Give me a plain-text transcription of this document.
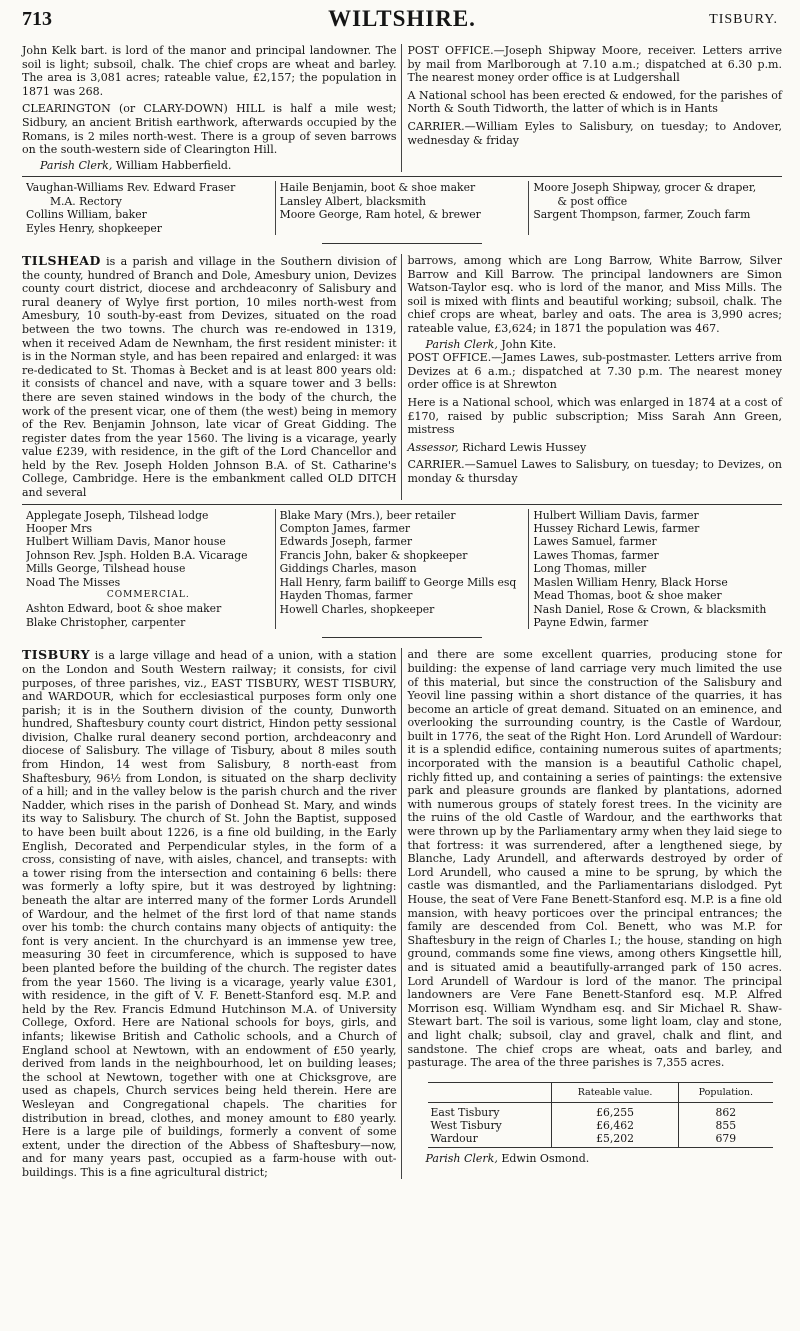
713	WILTSHIRE.	TISBURY.

John Kelk bart. is lord of the manor and principal landowner. The soil is light; subsoil, chalk. The chief crops are wheat and barley. The area is 3,081 acres; rateable value, £2,157; the population in 1871 was 268.

CLEARINGTON (or CLARY-DOWN) HILL is half a mile west; Sidbury, an ancient British earthwork, afterwards occupied by the Romans, is 2 miles north-west. There is a group of seven barrows on the south-western side of Clearington Hill.

Parish Clerk, William Habberfield.

POST OFFICE.—Joseph Shipway Moore, receiver. Letters arrive by mail from Marlborough at 7.10 a.m.; dispatched at 6.30 p.m. The nearest money order office is at Ludgershall

A National school has been erected & endowed, for the parishes of North & South Tidworth, the latter of which is in Hants

CARRIER.—William Eyles to Salisbury, on tuesday; to Andover, wednesday & friday

Vaughan-Williams Rev. Edward Fraser
M.A. Rectory
Collins William, baker
Eyles Henry, shopkeeper
Haile Benjamin, boot & shoe maker
Lansley Albert, blacksmith
Moore George, Ram hotel, & brewer
Moore Joseph Shipway, grocer & draper,
& post office
Sargent Thompson, farmer, Zouch farm

TILSHEAD is a parish and village in the Southern division of the county, hundred of Branch and Dole, Amesbury union, Devizes county court district, diocese and archdeaconry of Salisbury and rural deanery of Wylye first portion, 10 miles north-west from Amesbury, 10 south-by-east from Devizes, situated on the road between the two towns. The church was re-endowed in 1319, when it received Adam de Newnham, the first resident minister: it is in the Norman style, and has been repaired and enlarged: it was re-dedicated to St. Thomas à Becket and is at least 800 years old: it consists of chancel and nave, with a square tower and 3 bells: there are seven stained windows in the body of the church, the work of the present vicar, one of them (the west) being in memory of the Rev. Benjamin Johnson, late vicar of Great Gidding. The register dates from the year 1560. The living is a vicarage, yearly value £239, with residence, in the gift of the Lord Chancellor and held by the Rev. Joseph Holden Johnson B.A. of St. Catharine's College, Cambridge. Here is the embankment called OLD DITCH and several

barrows, among which are Long Barrow, White Barrow, Silver Barrow and Kill Barrow. The principal landowners are Simon Watson-Taylor esq. who is lord of the manor, and Miss Mills. The soil is mixed with flints and beautiful working; subsoil, chalk. The chief crops are wheat, barley and oats. The area is 3,990 acres; rateable value, £3,624; in 1871 the population was 467.

Parish Clerk, John Kite.

POST OFFICE.—James Lawes, sub-postmaster. Letters arrive from Devizes at 6 a.m.; dispatched at 7.30 p.m. The nearest money order office is at Shrewton

Here is a National school, which was enlarged in 1874 at a cost of £170, raised by public subscription; Miss Sarah Ann Green, mistress

Assessor, Richard Lewis Hussey

CARRIER.—Samuel Lawes to Salisbury, on tuesday; to Devizes, on monday & thursday

Applegate Joseph, Tilshead lodge
Hooper Mrs
Hulbert William Davis, Manor house
Johnson Rev. Jsph. Holden B.A. Vicarage
Mills George, Tilshead house
Noad The Misses
COMMERCIAL.
Ashton Edward, boot & shoe maker
Blake Christopher, carpenter
Blake Mary (Mrs.), beer retailer
Compton James, farmer
Edwards Joseph, farmer
Francis John, baker & shopkeeper
Giddings Charles, mason
Hall Henry, farm bailiff to George Mills esq
Hayden Thomas, farmer
Howell Charles, shopkeeper
Hulbert William Davis, farmer
Hussey Richard Lewis, farmer
Lawes Samuel, farmer
Lawes Thomas, farmer
Long Thomas, miller
Maslen William Henry, Black Horse
Mead Thomas, boot & shoe maker
Nash Daniel, Rose & Crown, & blacksmith
Payne Edwin, farmer

TISBURY is a large village and head of a union, with a station on the London and South Western railway; it consists, for civil purposes, of three parishes, viz., EAST TISBURY, WEST TISBURY, and WARDOUR, which for ecclesiastical purposes form only one parish; it is in the Southern division of the county, Dunworth hundred, Shaftesbury county court district, Hindon petty sessional division, Chalke rural deanery second portion, archdeaconry and diocese of Salisbury. The village of Tisbury, about 8 miles south from Hindon, 14 west from Salisbury, 8 north-east from Shaftesbury, 96½ from London, is situated on the sharp declivity of a hill; and in the valley below is the parish church and the river Nadder, which rises in the parish of Donhead St. Mary, and winds its way to Salisbury. The church of St. John the Baptist, supposed to have been built about 1226, is a fine old building, in the Early English, Decorated and Perpendicular styles, in the form of a cross, consisting of nave, with aisles, chancel, and transepts: with a tower rising from the intersection and containing 6 bells: there was formerly a lofty spire, but it was destroyed by lightning: beneath the altar are interred many of the former Lords Arundell of Wardour, and the helmet of the first lord of that name stands over his tomb: the church contains many objects of antiquity: the font is very ancient. In the churchyard is an immense yew tree, measuring 30 feet in circumference, which is supposed to have been planted before the building of the church. The register dates from the year 1560. The living is a vicarage, yearly value £301, with residence, in the gift of V. F. Benett-Stanford esq. M.P. and held by the Rev. Francis Edmund Hutchinson M.A. of University College, Oxford. Here are National schools for boys, girls, and infants; likewise British and Catholic schools, and a Church of England school at Newtown, with an endowment of £50 yearly, derived from lands in the neighbourhood, let on building leases; the school at Newtown, together with one at Chicksgrove, are used as chapels, Church services being held therein. Here are Wesleyan and Congregational chapels. The charities for distribution in bread, clothes, and money amount to £80 yearly. Here is a large pile of buildings, formerly a convent of some extent, under the direction of the Abbess of Shaftesbury—now, and for many years past, occupied as a farm-house with out-buildings. This is a fine agricultural district;

and there are some excellent quarries, producing stone for building: the expense of land carriage very much limited the use of this material, but since the construction of the Salisbury and Yeovil line passing within a short distance of the quarries, it has become an article of great demand. Situated on an eminence, and overlooking the surrounding country, is the Castle of Wardour, built in 1776, the seat of the Right Hon. Lord Arundell of Wardour: it is a splendid edifice, containing numerous suites of apartments; incorporated with the mansion is a beautiful Catholic chapel, richly fitted up, and containing a series of paintings: the extensive park and pleasure grounds are flanked by plantations, adorned with numerous groups of stately forest trees. In the vicinity are the ruins of the old Castle of Wardour, and the earthworks that were thrown up by the Parliamentary army when they laid siege to that fortress: it was surrendered, after a lengthened siege, by Blanche, Lady Arundell, and afterwards destroyed by order of Lord Arundell, who caused a mine to be sprung, by which the castle was dismantled, and the Parliamentarians dislodged. Pyt House, the seat of Vere Fane Benett-Stanford esq. M.P. is a fine old mansion, with heavy porticoes over the principal entrances; the family are descended from Col. Benett, who was M.P. for Shaftesbury in the reign of Charles I.; the house, standing on high ground, commands some fine views, among others Kingsettle hill, and is situated amid a beautifully-arranged park of 150 acres. Lord Arundell of Wardour is lord of the manor. The principal landowners are Vere Fane Benett-Stanford esq. M.P. Alfred Morrison esq. William Wyndham esq. and Sir Michael R. Shaw-Stewart bart. The soil is various, some light loam, clay and stone, and light chalk; subsoil, clay and gravel, chalk and flint, and sandstone. The chief crops are wheat, oats and barley, and pasturage. The area of the three parishes is 7,355 acres.

	Rateable value.	Population.
East Tisbury	£6,255	862
West Tisbury	£6,462	855
Wardour	£5,202	679

Parish Clerk, Edwin Osmond.
